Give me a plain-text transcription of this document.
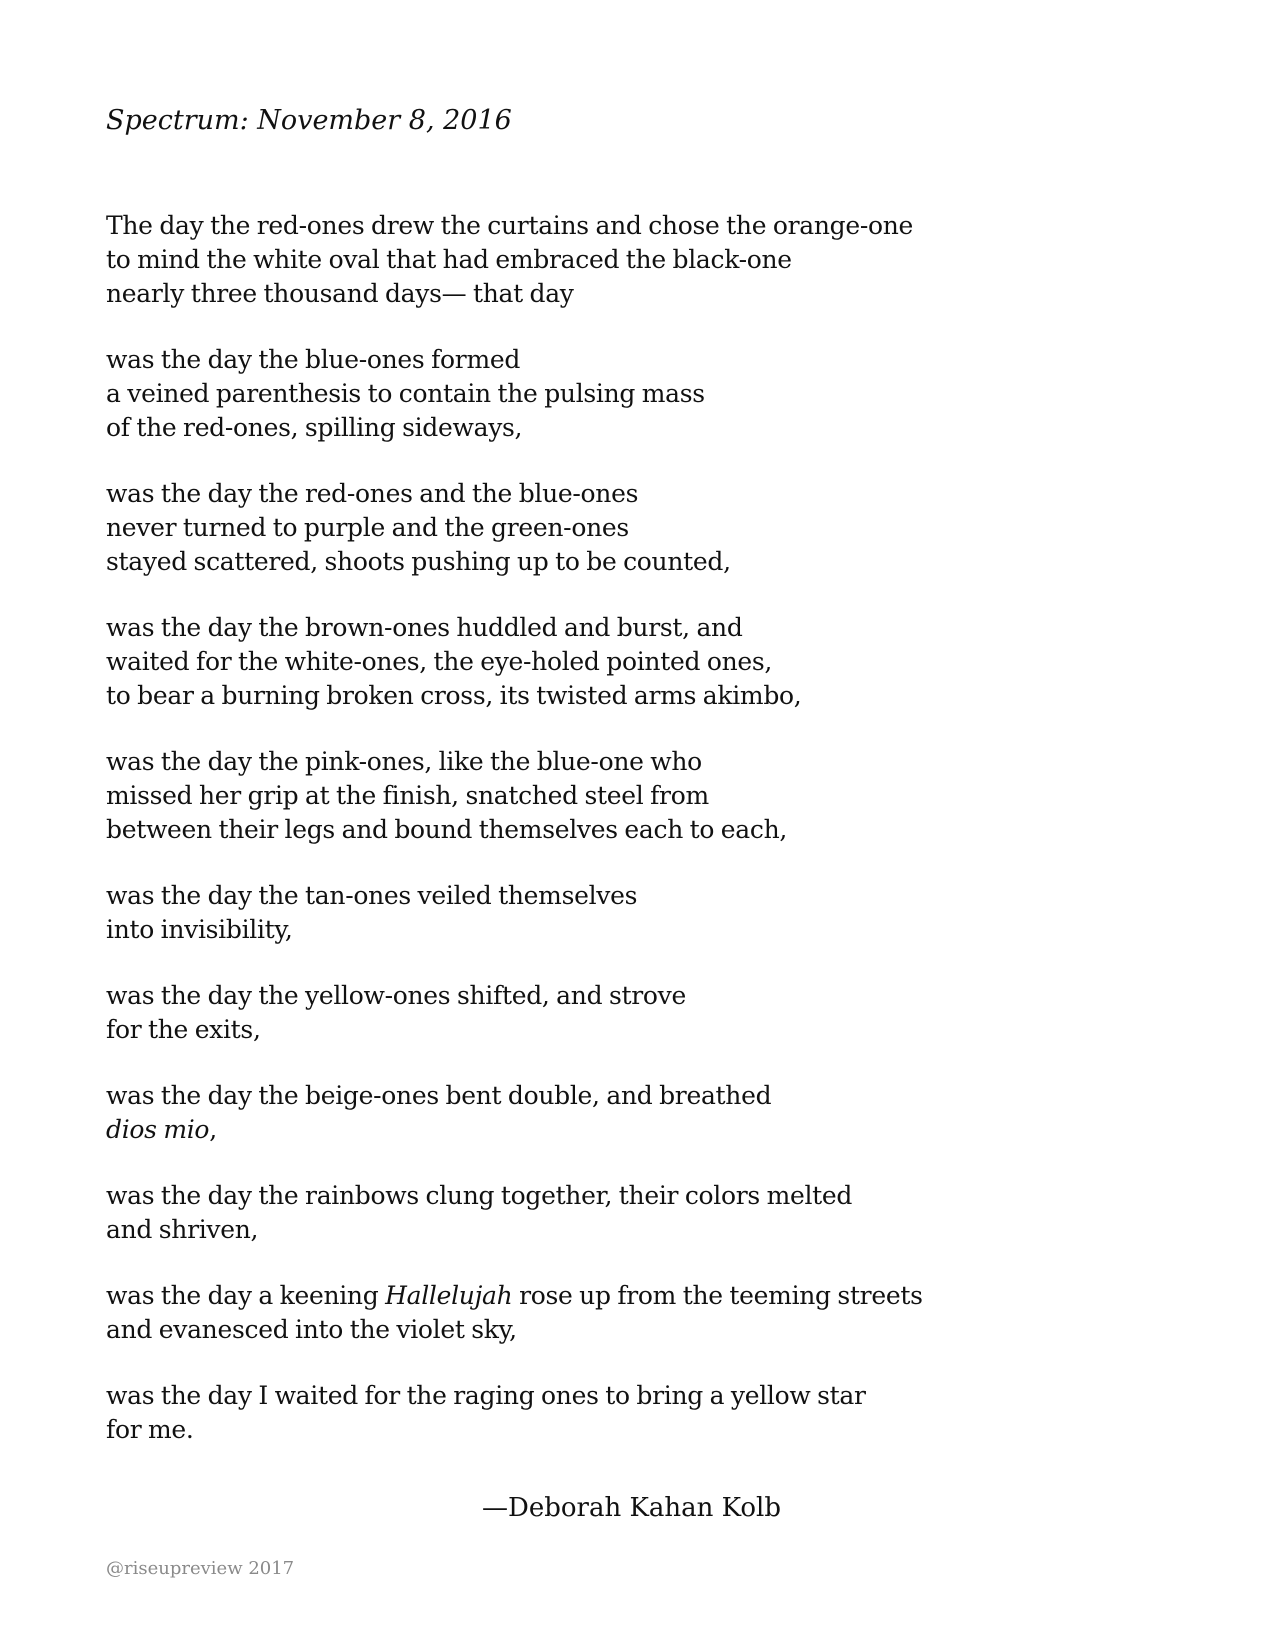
Spectrum: November 8, 2016
The day the red-ones drew the curtains and chose the orange-one
to mind the white oval that had embraced the black-one
nearly three thousand days— that day
was the day the blue-ones formed
a veined parenthesis to contain the pulsing mass
of the red-ones, spilling sideways,
was the day the red-ones and the blue-ones
never turned to purple and the green-ones
stayed scattered, shoots pushing up to be counted,
was the day the brown-ones huddled and burst, and
waited for the white-ones, the eye-holed pointed ones,
to bear a burning broken cross, its twisted arms akimbo,
was the day the pink-ones, like the blue-one who
missed her grip at the finish, snatched steel from
between their legs and bound themselves each to each,
was the day the tan-ones veiled themselves
into invisibility,
was the day the yellow-ones shifted, and strove
for the exits,
was the day the beige-ones bent double, and breathed
dios mio,
was the day the rainbows clung together, their colors melted
and shriven,
was the day a keening Hallelujah rose up from the teeming streets
and evanesced into the violet sky,
was the day I waited for the raging ones to bring a yellow star
for me.
—Deborah Kahan Kolb
@riseupreview 2017
